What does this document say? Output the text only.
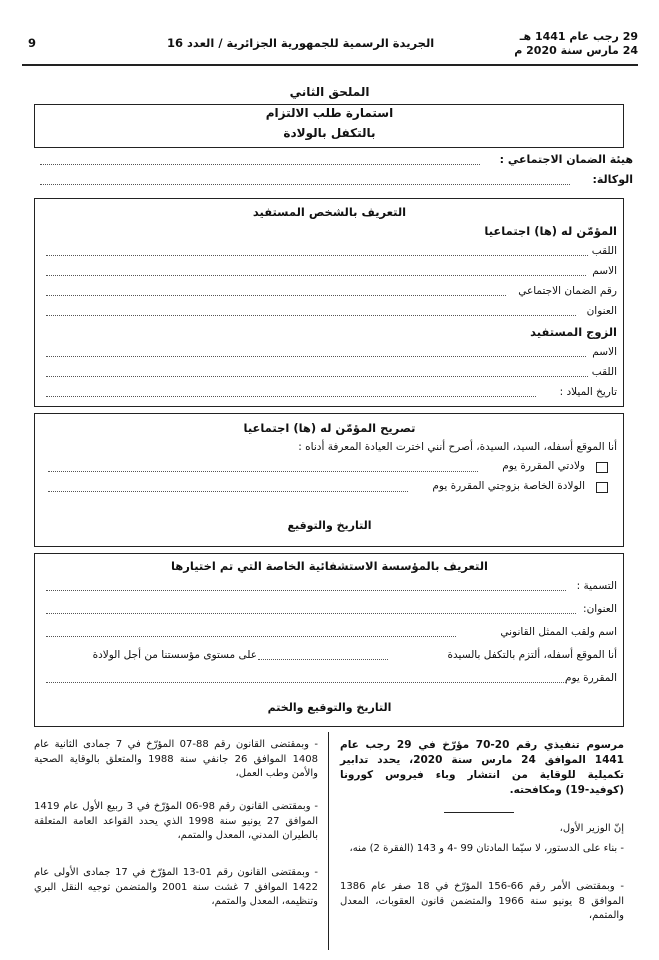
29 رجب عام 1441 هـ
24 مارس سنة 2020 م
الجريدة الرسمية للجمهورية الجزائرية / العدد 16
9
الملحق الثاني
استمارة طلب الالتزام
بالتكفل بالولادة
هيئة الضمان الاجتماعي :
الوكالة:
التعريف بالشخص المستفيد
المؤمّن له (ها) اجتماعيا
اللقب
الاسم
رقم الضمان الاجتماعي
العنوان
الزوج المستفيد
الاسم
اللقب
تاريخ الميلاد :
تصريح المؤمّن له (ها) اجتماعيا
أنا الموقع أسفله، السيد، السيدة، أصرح أنني اخترت العيادة المعرفة أدناه :
ولادتي المقررة يوم
الولادة الخاصة بزوجتي المقررة يوم
التاريخ والتوقيع
التعريف بالمؤسسة الاستشفائية الخاصة التي تم اختيارها
التسمية :
العنوان:
اسم ولقب الممثل القانوني
أنا الموقع أسفله، ألتزم بالتكفل بالسيدة
على مستوى مؤسستنا من أجل الولادة
المقررة يوم
التاريخ والتوقيع والختم
مرسوم تنفيذي رقم 20-70 مؤرّخ في 29 رجب عام 1441 الموافق 24 مارس سنة 2020، يحدد تدابير تكميلية للوقاية من انتشار وباء فيروس كورونا (كوفيد-19) ومكافحته.
إنّ الوزير الأول،
- بناء على الدستور، لا سيّما المادتان 99 -4 و 143 (الفقرة 2) منه،
- وبمقتضى الأمر رقم 66-156 المؤرّخ في 18 صفر عام 1386 الموافق 8 يونيو سنة 1966 والمتضمن قانون العقوبات، المعدل والمتمم،
- وبمقتضى القانون رقم 88-07 المؤرّخ في 7 جمادى الثانية عام 1408 الموافق 26 جانفي سنة 1988 والمتعلق بالوقاية الصحية والأمن وطب العمل،
- وبمقتضى القانون رقم 98-06 المؤرّخ في 3 ربيع الأول عام 1419 الموافق 27 يونيو سنة 1998 الذي يحدد القواعد العامة المتعلقة بالطيران المدني، المعدل والمتمم،
- وبمقتضى القانون رقم 01-13 المؤرّخ في 17 جمادى الأولى عام 1422 الموافق 7 غشت سنة 2001 والمتضمن توجيه النقل البري وتنظيمه، المعدل والمتمم،
